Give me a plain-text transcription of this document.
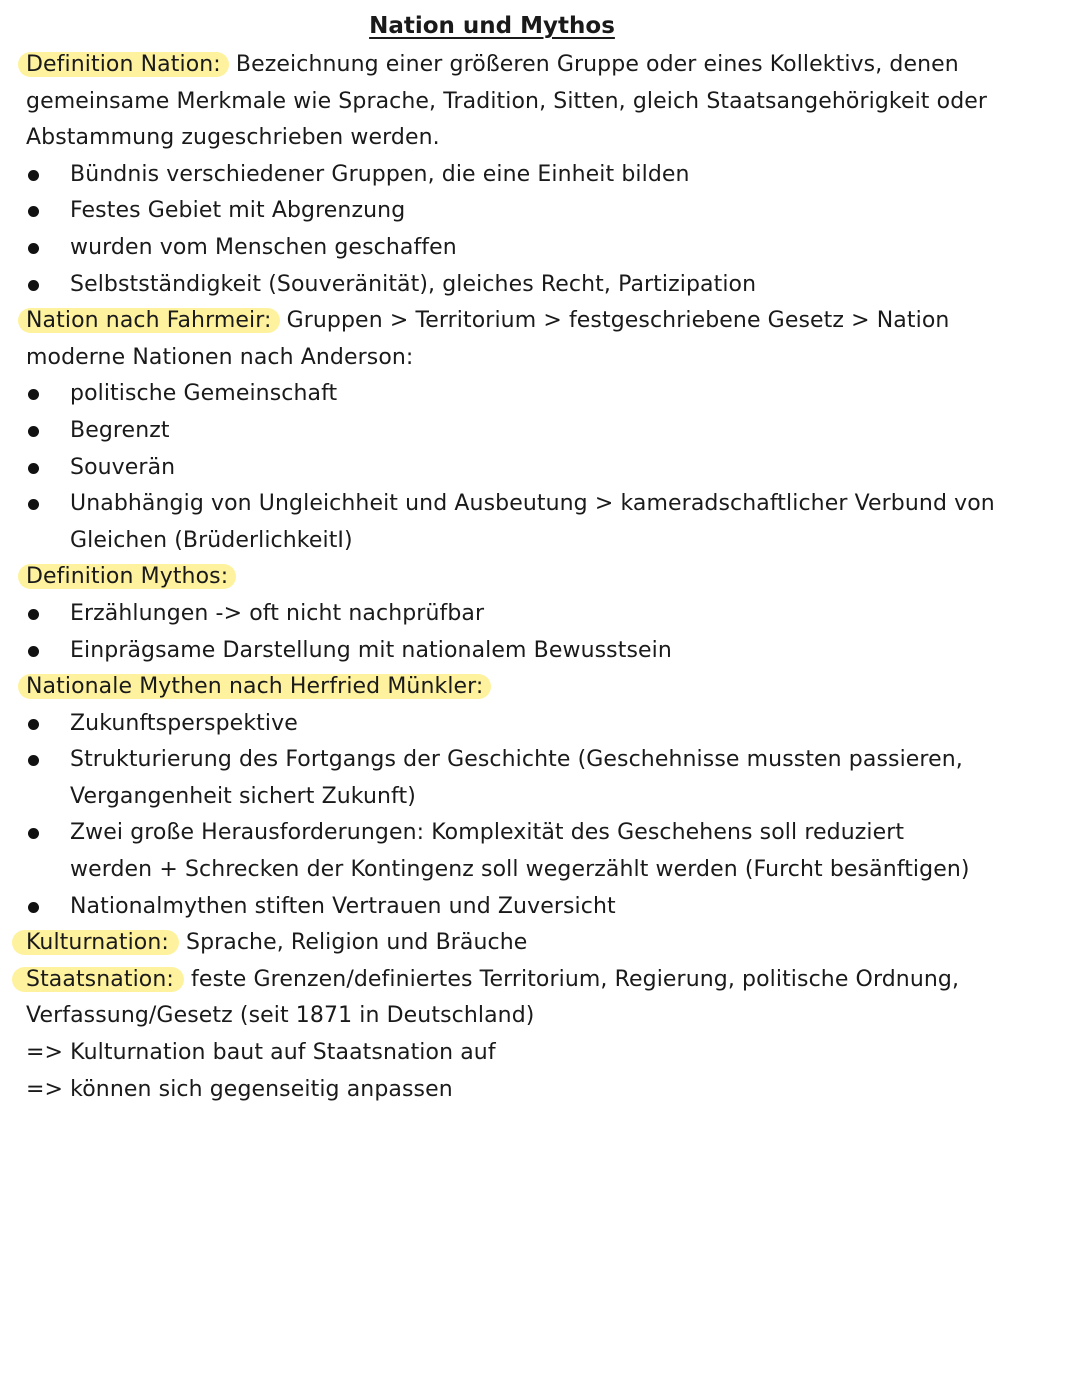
Nation und Mythos
Definition Nation: Bezeichnung einer größeren Gruppe oder eines Kollektivs, denen
gemeinsame Merkmale wie Sprache, Tradition, Sitten, gleich Staatsangehörigkeit oder
Abstammung zugeschrieben werden.
Bündnis verschiedener Gruppen, die eine Einheit bilden
Festes Gebiet mit Abgrenzung
wurden vom Menschen geschaffen
Selbstständigkeit (Souveränität), gleiches Recht, Partizipation
Nation nach Fahrmeir: Gruppen > Territorium > festgeschriebene Gesetz > Nation
moderne Nationen nach Anderson:
politische Gemeinschaft
Begrenzt
Souverän
Unabhängig von Ungleichheit und Ausbeutung > kameradschaftlicher Verbund von
Gleichen (BrüderlichkeitI)
Definition Mythos:
Erzählungen -> oft nicht nachprüfbar
Einprägsame Darstellung mit nationalem Bewusstsein
Nationale Mythen nach Herfried Münkler:
Zukunftsperspektive
Strukturierung des Fortgangs der Geschichte (Geschehnisse mussten passieren,
Vergangenheit sichert Zukunft)
Zwei große Herausforderungen: Komplexität des Geschehens soll reduziert
werden + Schrecken der Kontingenz soll wegerzählt werden (Furcht besänftigen)
Nationalmythen stiften Vertrauen und Zuversicht
Kulturnation: Sprache, Religion und Bräuche
Staatsnation: feste Grenzen/definiertes Territorium, Regierung, politische Ordnung,
Verfassung/Gesetz (seit 1871 in Deutschland)
=> Kulturnation baut auf Staatsnation auf
=> können sich gegenseitig anpassen
